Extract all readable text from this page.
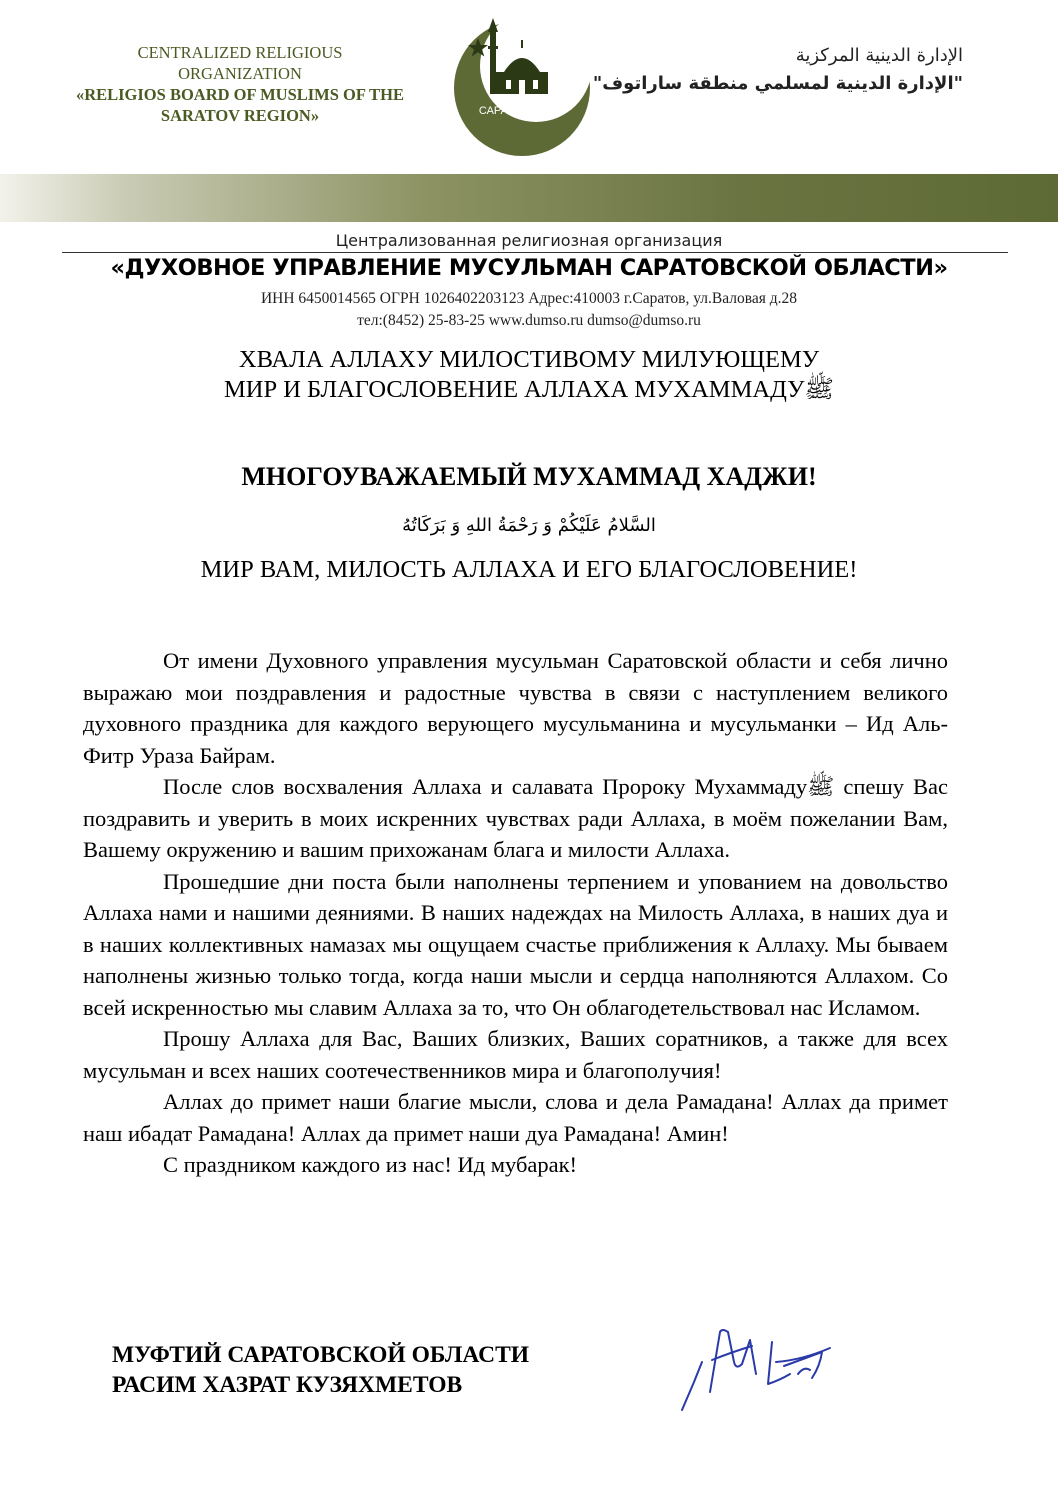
CENTRALIZED RELIGIOUS
ORGANIZATION
«RELIGIOS BOARD OF MUSLIMS OF THE
SARATOV REGION»	САРАТОВ
الإدارة الدينية المركزية
"الإدارة الدينية لمسلمي منطقة ساراتوف"
Централизованная религиозная организация
«ДУХОВНОЕ УПРАВЛЕНИЕ МУСУЛЬМАН САРАТОВСКОЙ ОБЛАСТИ»
ИНН 6450014565 ОГРН 1026402203123 Адрес:410003 г.Саратов, ул.Валовая д.28
тел:(8452) 25-83-25 www.dumso.ru dumso@dumso.ru
ХВАЛА АЛЛАХУ МИЛОСТИВОМУ МИЛУЮЩЕМУ
МИР И БЛАГОСЛОВЕНИЕ АЛЛАХА МУХАММАДУﷺ
МНОГОУВАЖАЕМЫЙ МУХАММАД ХАДЖИ!
السَّلامُ عَلَيْكُمْ وَ رَحْمَةُ اللهِ وَ بَرَكَاتُهُ
МИР ВАМ, МИЛОСТЬ АЛЛАХА И ЕГО БЛАГОСЛОВЕНИЕ!

От имени Духовного управления мусульман Саратовской области и себя лично выражаю мои поздравления и радостные чувства в связи с наступлением великого духовного праздника для каждого верующего мусульманина и мусульманки – Ид Аль-Фитр Ураза Байрам.

После слов восхваления Аллаха и салавата Пророку Мухаммадуﷺ спешу Вас поздравить и уверить в моих искренних чувствах ради Аллаха, в моём пожелании Вам, Вашему окружению и вашим прихожанам блага и милости Аллаха.

Прошедшие дни поста были наполнены терпением и упованием на довольство Аллаха нами и нашими деяниями. В наших надеждах на Милость Аллаха, в наших дуа и в наших коллективных намазах мы ощущаем счастье приближения к Аллаху. Мы бываем наполнены жизнью только тогда, когда наши мысли и сердца наполняются Аллахом. Со всей искренностью мы славим Аллаха за то, что Он облагодетельствовал нас Исламом.

Прошу Аллаха для Вас, Ваших близких, Ваших соратников, а также для всех мусульман и всех наших соотечественников мира и благополучия!

Аллах до примет наши благие мысли, слова и дела Рамадана! Аллах да примет наш ибадат Рамадана! Аллах да примет наши дуа Рамадана! Амин!

С праздником каждого из нас! Ид мубарак!

МУФТИЙ САРАТОВСКОЙ ОБЛАСТИ
РАСИМ ХАЗРАТ КУЗЯХМЕТОВ
